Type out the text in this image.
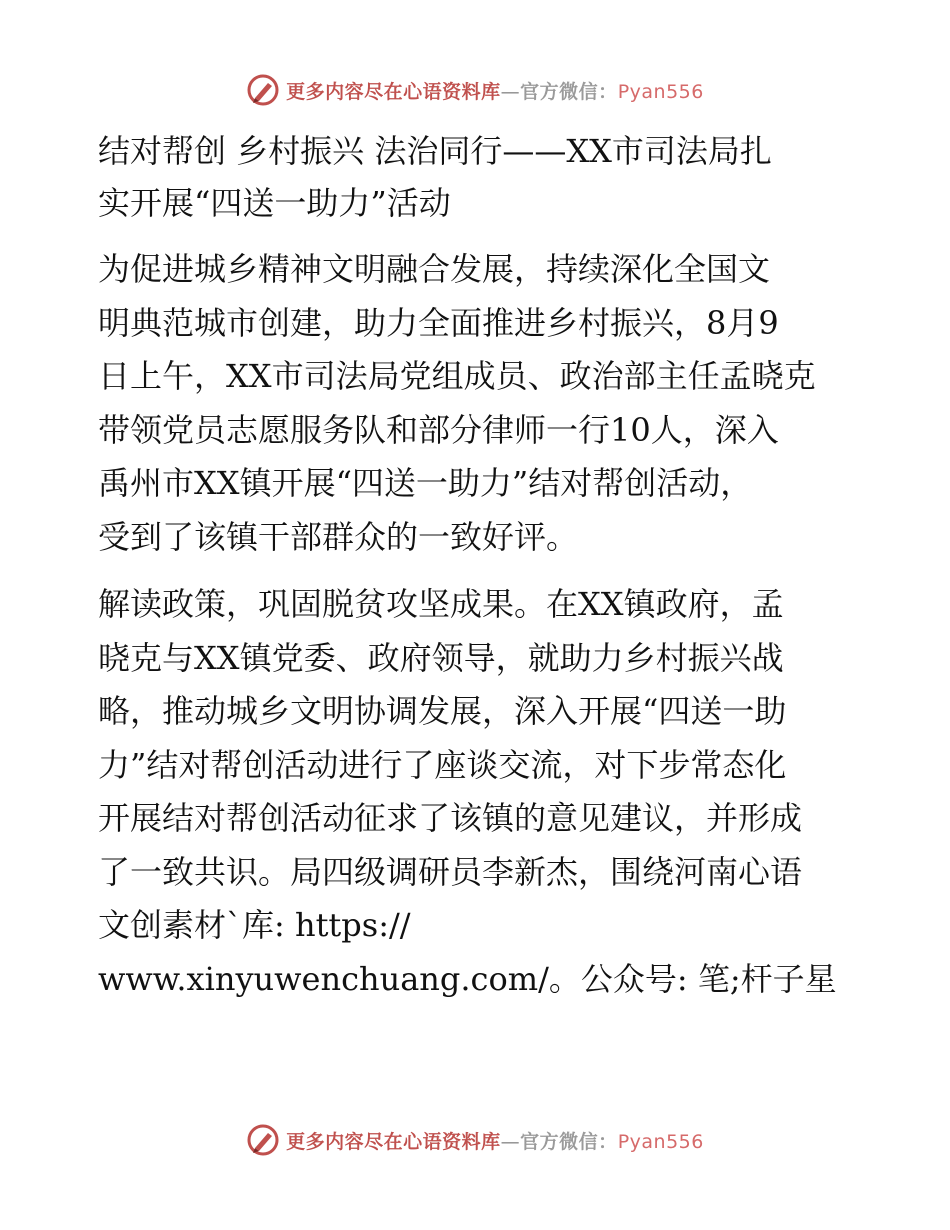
更多内容尽在心语资料库—官方微信：Pyan556
结对帮创 乡村振兴 法治同行——XX市司法局扎
实开展“四送一助力”活动
为促进城乡精神文明融合发展，持续深化全国文
明典范城市创建，助力全面推进乡村振兴，8月9
日上午，XX市司法局党组成员、政治部主任孟晓克
带领党员志愿服务队和部分律师一行10人，深入
禹州市XX镇开展“四送一助力”结对帮创活动，
受到了该镇干部群众的一致好评。
解读政策，巩固脱贫攻坚成果。在XX镇政府，孟
晓克与XX镇党委、政府领导，就助力乡村振兴战
略，推动城乡文明协调发展，深入开展“四送一助
力”结对帮创活动进行了座谈交流，对下步常态化
开展结对帮创活动征求了该镇的意见建议，并形成
了一致共识。局四级调研员李新杰，围绕河南心语
文创素材`库: https://
www.xinyuwenchuang.com/。公众号: 笔;杆子星
更多内容尽在心语资料库—官方微信：Pyan556
